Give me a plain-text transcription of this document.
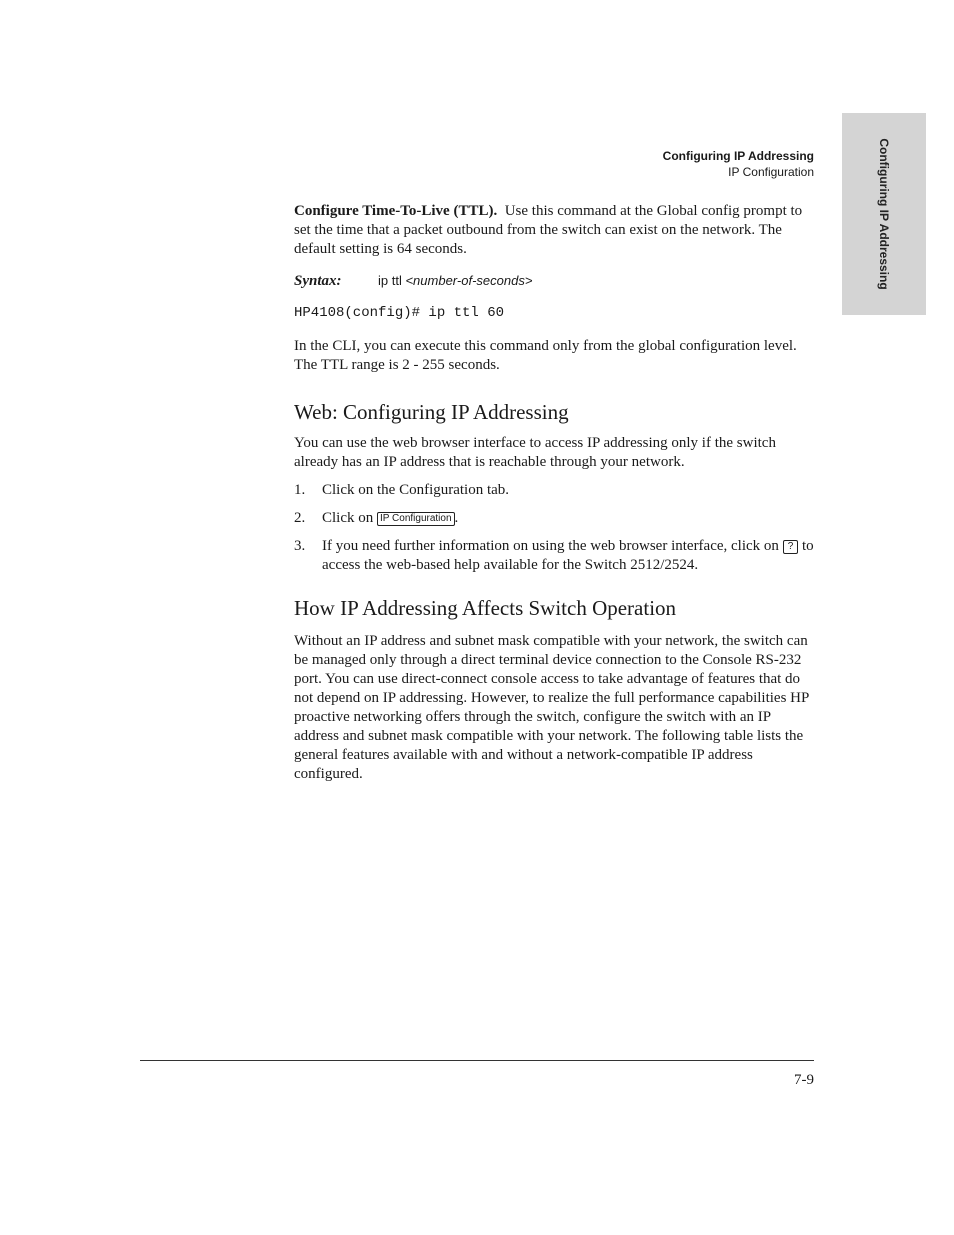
Configuring IP Addressing
Configuring IP Addressing
IP Configuration

Configure Time-To-Live (TTL). Use this command at the Global config prompt to set the time that a packet outbound from the switch can exist on the network. The default setting is 64 seconds.

Syntax:	ip ttl <number-of-seconds>

HP4108(config)# ip ttl 60

In the CLI, you can execute this command only from the global configuration level. The TTL range is 2 - 255 seconds.

Web: Configuring IP Addressing

You can use the web browser interface to access IP addressing only if the switch already has an IP address that is reachable through your network.

1. Click on the Configuration tab.
2. Click on IP Configuration .
3. If you need further information on using the web browser interface, click on ? to access the web-based help available for the Switch 2512/2524.
How IP Addressing Affects Switch Operation

Without an IP address and subnet mask compatible with your network, the switch can be managed only through a direct terminal device connection to the Console RS-232 port. You can use direct-connect console access to take advantage of features that do not depend on IP addressing. However, to realize the full performance capabilities HP proactive networking offers through the switch, configure the switch with an IP address and subnet mask compatible with your network. The following table lists the general features available with and without a network-compatible IP address configured.

7-9
